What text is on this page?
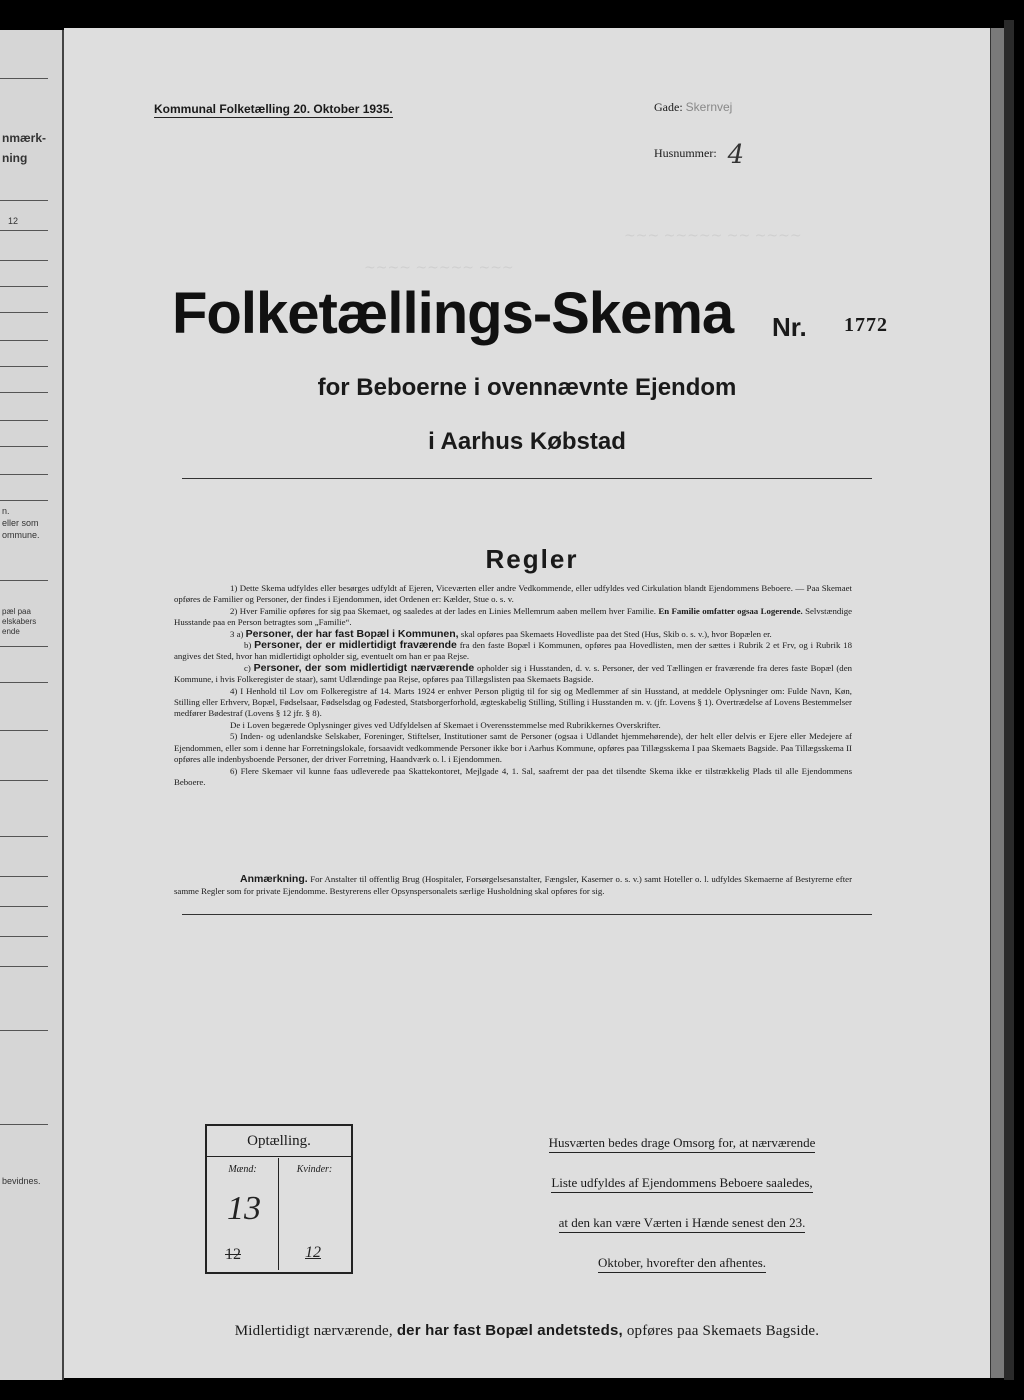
nmærk-
ning
12
n.
eller som
ommune.
pæl paa
elskabers
ende
bevidnes.
~~~ ~~~~~ ~~ ~~~~
~~~~ ~~~~~ ~~~
Kommunal Folketælling 20. Oktober 1935.	Gade: Skernvej
Husnummer: 4
Folketællings-Skema Nr. 1772
for Beboerne i ovennævnte Ejendom
i Aarhus Købstad
Regler

1) Dette Skema udfyldes eller besørges udfyldt af Ejeren, Viceværten eller andre Vedkommende, eller udfyldes ved Cirkulation blandt Ejendommens Beboere. — Paa Skemaet opføres de Familier og Personer, der findes i Ejendommen, idet Ordenen er: Kælder, Stue o. s. v.

2) Hver Familie opføres for sig paa Skemaet, og saaledes at der lades en Linies Mellemrum aaben mellem hver Familie. En Familie omfatter ogsaa Logerende. Selvstændige Husstande paa en Person betragtes som „Familie“.

3 a) Personer, der har fast Bopæl i Kommunen, skal opføres paa Skemaets Hovedliste paa det Sted (Hus, Skib o. s. v.), hvor Bopælen er.

b) Personer, der er midlertidigt fraværende fra den faste Bopæl i Kommunen, opføres paa Hovedlisten, men der sættes i Rubrik 2 et Frv, og i Rubrik 18 angives det Sted, hvor han midlertidigt opholder sig, eventuelt om han er paa Rejse.

c) Personer, der som midlertidigt nærværende opholder sig i Husstanden, d. v. s. Personer, der ved Tællingen er fraværende fra deres faste Bopæl (den Kommune, i hvis Folkeregister de staar), samt Udlændinge paa Rejse, opføres paa Tillægslisten paa Skemaets Bagside.

4) I Henhold til Lov om Folkeregistre af 14. Marts 1924 er enhver Person pligtig til for sig og Medlemmer af sin Husstand, at meddele Oplysninger om: Fulde Navn, Køn, Stilling eller Erhverv, Bopæl, Fødselsaar, Fødselsdag og Fødested, Statsborgerforhold, ægteskabelig Stilling, Stilling i Husstanden m. v. (jfr. Lovens § 1). Overtrædelse af Lovens Bestemmelser medfører Bødestraf (Lovens § 12 jfr. § 8).

De i Loven begærede Oplysninger gives ved Udfyldelsen af Skemaet i Overensstemmelse med Rubrikkernes Overskrifter.

5) Inden- og udenlandske Selskaber, Foreninger, Stiftelser, Institutioner samt de Personer (ogsaa i Udlandet hjemmehørende), der helt eller delvis er Ejere eller Medejere af Ejendommen, eller som i denne har Forretningslokale, forsaavidt vedkommende Personer ikke bor i Aarhus Kommune, opføres paa Tillægsskema I paa Skemaets Bagside. Paa Tillægsskema II opføres alle indenbysboende Personer, der driver Forretning, Haandværk o. l. i Ejendommen.

6) Flere Skemaer vil kunne faas udleverede paa Skattekontoret, Mejlgade 4, 1. Sal, saafremt der paa det tilsendte Skema ikke er tilstrækkelig Plads til alle Ejendommens Beboere.

Anmærkning. For Anstalter til offentlig Brug (Hospitaler, Forsørgelsesanstalter, Fængsler, Kaserner o. s. v.) samt Hoteller o. l. udfyldes Skemaerne af Bestyrerne efter samme Regler som for private Ejendomme. Bestyrerens eller Opsynspersonalets særlige Husholdning skal opføres for sig.
Optælling.
Mænd:
13
12
Kvinder:
12
Husværten bedes drage Omsorg for, at nærværende
Liste udfyldes af Ejendommens Beboere saaledes,
at den kan være Værten i Hænde senest den 23.
Oktober, hvorefter den afhentes.
Midlertidigt nærværende, der har fast Bopæl andetsteds, opføres paa Skemaets Bagside.
